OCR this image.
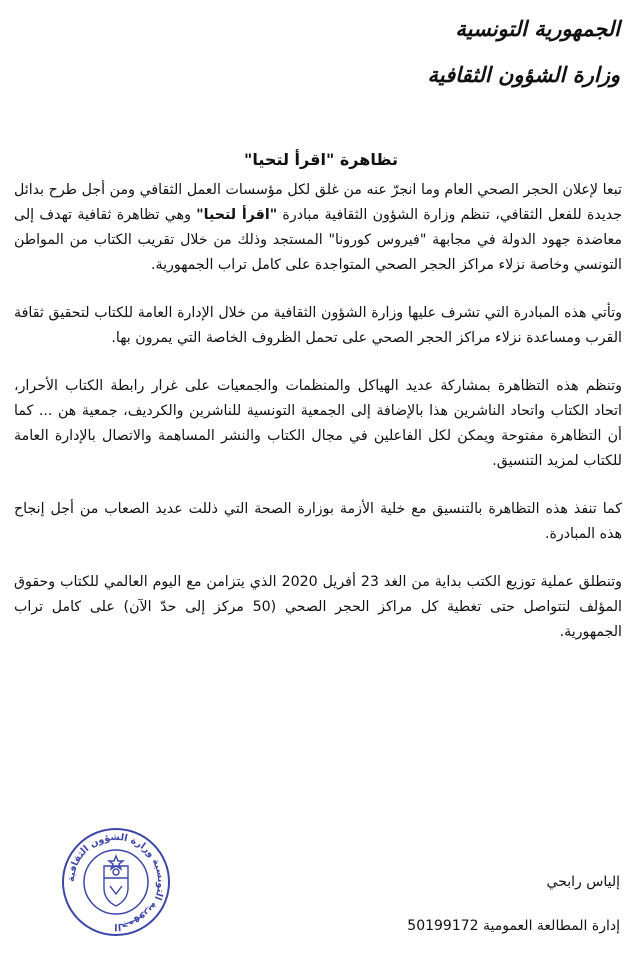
الجمهورية التونسية
وزارة الشؤون الثقافية
تظاهرة "اقرأ لتحيا"

تبعا لإعلان الحجر الصحي العام وما انجرّ عنه من غلق لكل مؤسسات العمل الثقافي ومن أجل طرح بدائل جديدة للفعل الثقافي، تنظم وزارة الشؤون الثقافية مبادرة "اقرأ لتحيا" وهي تظاهرة ثقافية تهدف إلى معاضدة جهود الدولة في مجابهة "فيروس كورونا" المستجد وذلك من خلال تقريب الكتاب من المواطن التونسي وخاصة نزلاء مراكز الحجر الصحي المتواجدة على كامل تراب الجمهورية.

وتأتي هذه المبادرة التي تشرف عليها وزارة الشؤون الثقافية من خلال الإدارة العامة للكتاب لتحقيق ثقافة القرب ومساعدة نزلاء مراكز الحجر الصحي على تحمل الظروف الخاصة التي يمرون بها.

وتنظم هذه التظاهرة بمشاركة عديد الهياكل والمنظمات والجمعيات على غرار رابطة الكتاب الأحرار، اتحاد الكتاب واتحاد الناشرين هذا بالإضافة إلى الجمعية التونسية للناشرين والكرديف، جمعية هن ... كما أن التظاهرة مفتوحة ويمكن لكل الفاعلين في مجال الكتاب والنشر المساهمة والاتصال بالإدارة العامة للكتاب لمزيد التنسيق.

كما تنفذ هذه التظاهرة بالتنسيق مع خلية الأزمة بوزارة الصحة التي ذللت عديد الصعاب من أجل إنجاح هذه المبادرة.

وتنطلق عملية توزيع الكتب بداية من الغد 23 أفريل 2020 الذي يتزامن مع اليوم العالمي للكتاب وحقوق المؤلف لتتواصل حتى تغطية كل مراكز الحجر الصحي (50 مركز إلى حدّ الآن) على كامل تراب الجمهورية.

الجمهورية التونسية وزارة الشؤون الثقافية
إلياس رابحي
إدارة المطالعة العمومية 50199172
